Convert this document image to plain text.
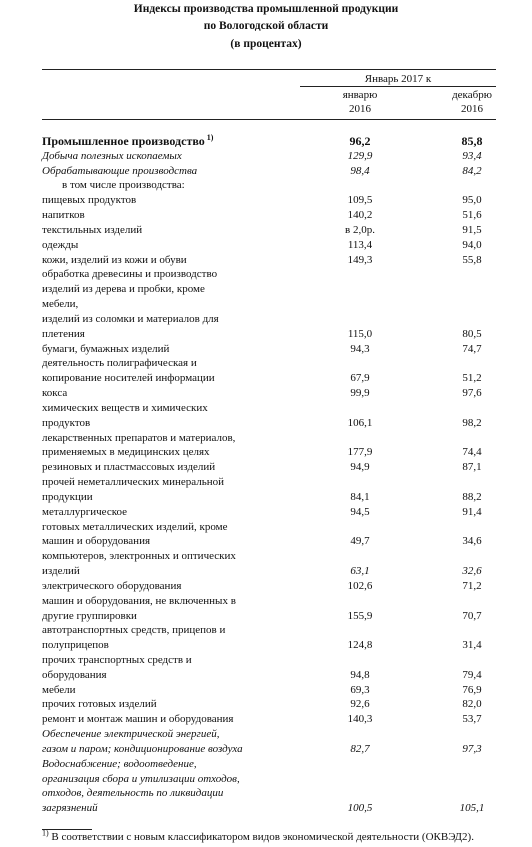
Индексы производства промышленной продукции
по Вологодской области
(в процентах)
Январь 2017 к
январю
2016
декабрю
2016
Промышленное производство $^{1)}$	96,2	85,8
Добыча полезных ископаемых	129,9	93,4
Обрабатывающие производства	98,4	84,2
в том числе производства:
пищевых продуктов	109,5	95,0
напитков	140,2	51,6
текстильных изделий	в 2,0р.	91,5
одежды	113,4	94,0
кожи, изделий из кожи и обуви	149,3	55,8
обработка древесины и производство
изделий из дерева и пробки, кроме
мебели,
изделий из соломки и материалов для
плетения	115,0	80,5
бумаги, бумажных изделий	94,3	74,7
деятельность полиграфическая и
копирование носителей информации	67,9	51,2
кокса	99,9	97,6
химических веществ и химических
продуктов	106,1	98,2
лекарственных препаратов и материалов,
применяемых в медицинских целях	177,9	74,4
резиновых и пластмассовых изделий	94,9	87,1
прочей неметаллических минеральной
продукции	84,1	88,2
металлургическое	94,5	91,4
готовых металлических изделий, кроме
машин и оборудования	49,7	34,6
компьютеров, электронных и оптических
изделий	63,1	32,6
электрического оборудования	102,6	71,2
машин и оборудования, не включенных в
другие группировки	155,9	70,7
автотранспортных средств, прицепов и
полуприцепов	124,8	31,4
прочих транспортных средств и
оборудования	94,8	79,4
мебели	69,3	76,9
прочих готовых изделий	92,6	82,0
ремонт и монтаж машин и оборудования	140,3	53,7
Обеспечение электрической энергией,
газом и паром; кондиционирование воздуха	82,7	97,3
Водоснабжение; водоотведение,
организация сбора и утилизации отходов,
отходов, деятельность по ликвидации
загрязнений	100,5	105,1
$^{1)}$ В соответствии с новым классификатором видов экономической деятельности (ОКВЭД2).
